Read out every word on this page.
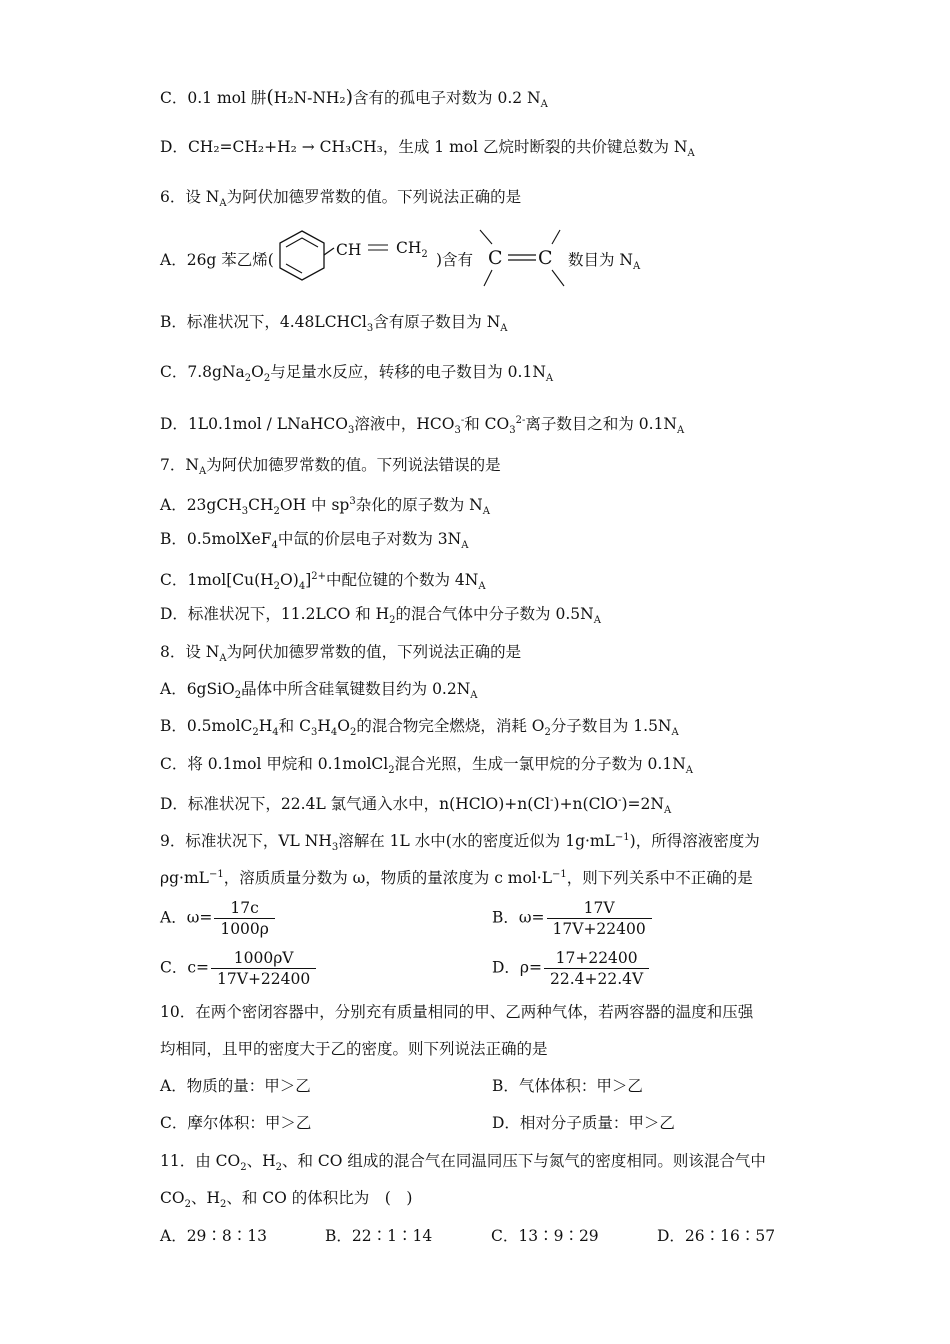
C．0.1 mol 肼(H₂N-NH₂)含有的孤电子对数为 0.2 $N_A$
D．CH₂=CH₂+H₂ → CH₃CH₃，生成 1 mol 乙烷时断裂的共价键总数为 $N_A$
6．设 $N_A$为阿伏加德罗常数的值。下列说法正确的是
A．26g 苯乙烯(
CH $CH_2$ )含有 C C 数目为 $N_A$
B．标准状况下，4.48LCHCl$_3$含有原子数目为 $N_A$
C．$7.8gNa_2O_2$与足量水反应，转移的电子数目为 $0.1N_A$
D．1L0.1mol / LNaHCO$_3$溶液中，$HCO_3^-$和 $CO_3^{2-}$离子数目之和为 $0.1N_A$
7．$N_A$为阿伏加德罗常数的值。下列说法错误的是
A．$23gCH_3CH_2OH$ 中 $sp^3$杂化的原子数为 $N_A$
B．0.5molXeF$_4$中氙的价层电子对数为 $3N_A$
C．$1mol[Cu(H_2O)_4]^{2+}$中配位键的个数为 $4N_A$
D．标准状况下，11.2LCO 和 $H_2$的混合气体中分子数为 $0.5N_A$
8．设 $N_A$为阿伏加德罗常数的值，下列说法正确的是
A．6gSiO$_2$晶体中所含硅氧键数目约为 $0.2N_A$
B．$0.5molC_2H_4$和 $C_3H_4O_2$的混合物完全燃烧，消耗 $O_2$分子数目为 $1.5N_A$
C．将 0.1mol 甲烷和 0.1molCl$_2$混合光照，生成一氯甲烷的分子数为 $0.1N_A$
D．标准状况下，22.4L 氯气通入水中，$n(HClO)+n(Cl^-)+n(ClO^-)=2N_A$
9．标准状况下，VL $NH_3$溶解在 1L 水中(水的密度近似为 $1g\cdot mL^{-1}$)，所得溶液密度为
$\rho g\cdot mL^{-1}$，溶质质量分数为 ω，物质的量浓度为 c $mol\cdot L^{-1}$，则下列关系中不正确的是
A．$\omega= \frac{17c}{1000\rho}$	B．$\omega= \frac{17V}{17V+22400}$
C．$c= \frac{1000\rho V}{17V+22400}$	D．$\rho= \frac{17+22400}{22.4+22.4V}$
10．在两个密闭容器中，分别充有质量相同的甲、乙两种气体，若两容器的温度和压强
均相同，且甲的密度大于乙的密度。则下列说法正确的是
A．物质的量：甲＞乙	B．气体体积：甲＞乙
C．摩尔体积：甲＞乙	D．相对分子质量：甲＞乙
11．由 $CO_2$、$H_2$、和 CO 组成的混合气在同温同压下与氮气的密度相同。则该混合气中
$CO_2$、$H_2$、和 CO 的体积比为　(　)
A．29∶8∶13	B．22∶1∶14	C．13∶9∶29	D．26∶16∶57
